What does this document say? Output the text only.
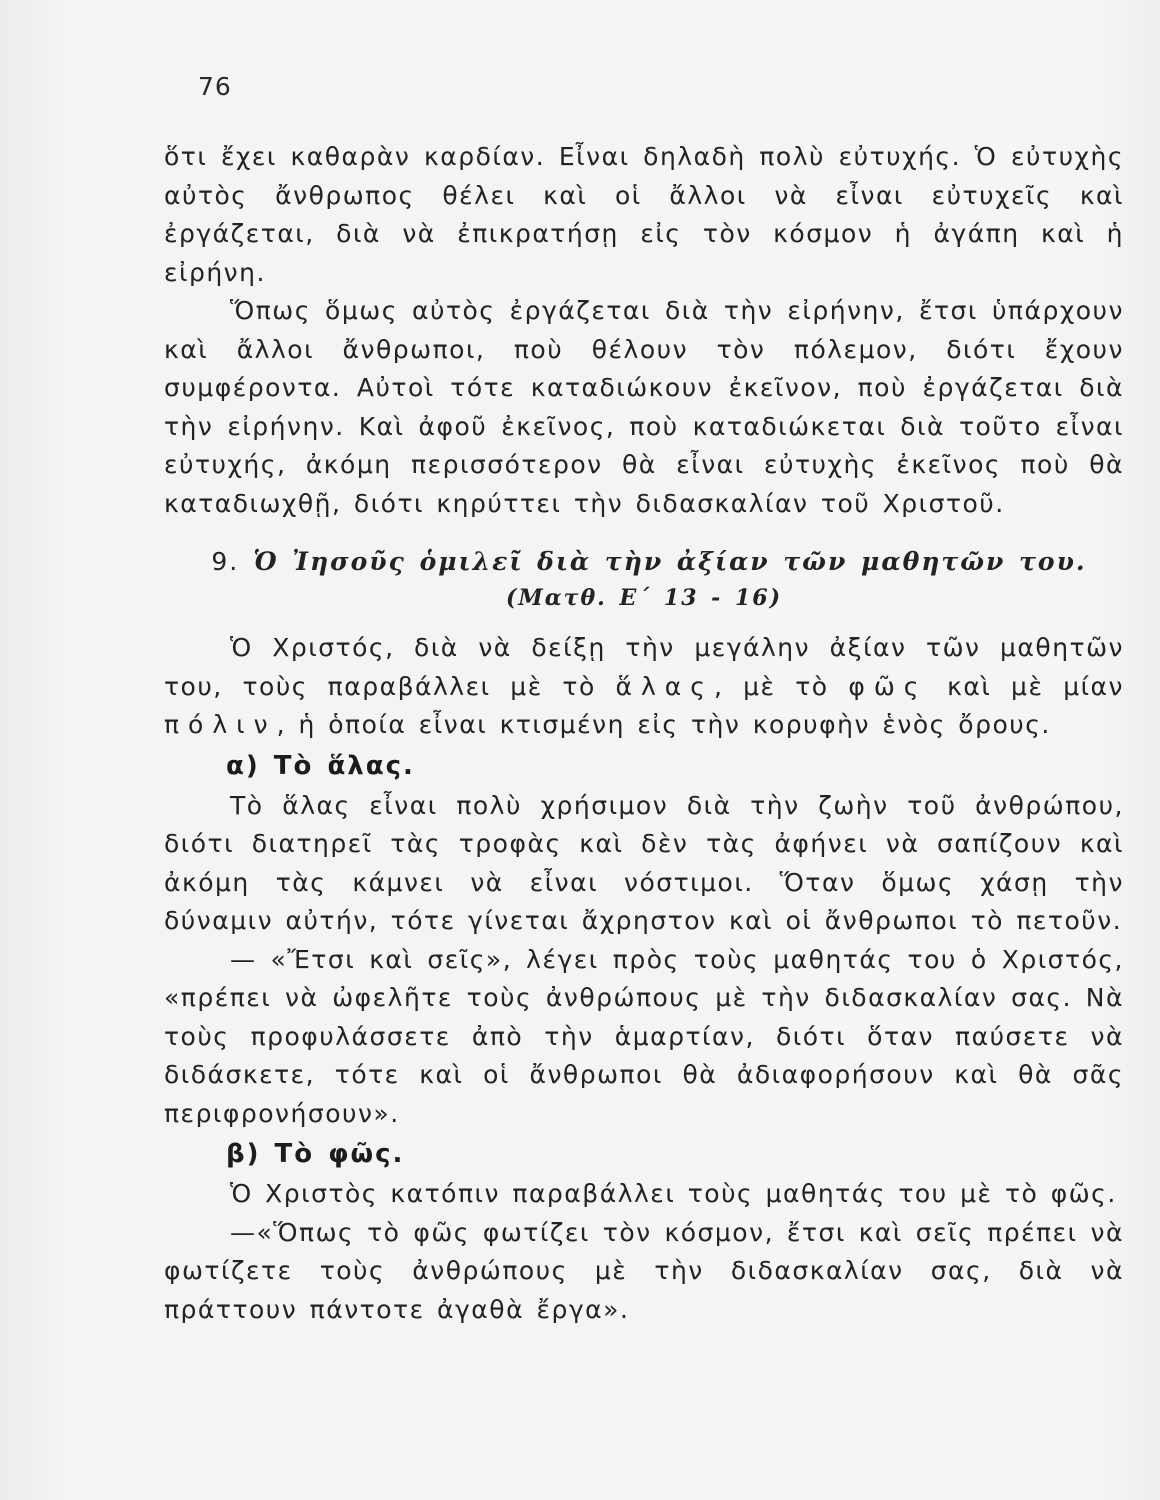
76

ὅτι ἔχει καθαρὰν καρδίαν. Εἶναι δηλαδὴ πολὺ εὐτυχής. Ὁ εὐτυχὴς αὐτὸς ἄνθρωπος θέλει καὶ οἱ ἄλλοι νὰ εἶναι εὐτυχεῖς καὶ ἐργάζεται, διὰ νὰ ἐπικρατήσῃ εἰς τὸν κόσμον ἡ ἀγάπη καὶ ἡ εἰρήνη.

Ὅπως ὅμως αὐτὸς ἐργάζεται διὰ τὴν εἰρήνην, ἔτσι ὑπάρχουν καὶ ἄλλοι ἄνθρωποι, ποὺ θέλουν τὸν πόλεμον, διότι ἔχουν συμφέροντα. Αὐτοὶ τότε καταδιώκουν ἐκεῖνον, ποὺ ἐργάζεται διὰ τὴν εἰρήνην. Καὶ ἀφοῦ ἐκεῖνος, ποὺ καταδιώκεται διὰ τοῦτο εἶναι εὐτυχής, ἀκόμη περισσότερον θὰ εἶναι εὐτυχὴς ἐκεῖνος ποὺ θὰ καταδιωχθῇ, διότι κηρύττει τὴν διδασκαλίαν τοῦ Χριστοῦ.

9. Ὁ Ἰησοῦς ὁμιλεῖ διὰ τὴν ἀξίαν τῶν μαθητῶν του.
(Ματθ. Ε΄ 13 - 16)

Ὁ Χριστός, διὰ νὰ δείξῃ τὴν μεγάλην ἀξίαν τῶν μαθητῶν του, τοὺς παραβάλλει μὲ τὸ ἅλας, μὲ τὸ φῶς καὶ μὲ μίαν πόλιν, ἡ ὁποία εἶναι κτισμένη εἰς τὴν κορυφὴν ἑνὸς ὄρους.

α) Τὸ ἅλας.

Τὸ ἅλας εἶναι πολὺ χρήσιμον διὰ τὴν ζωὴν τοῦ ἀνθρώπου, διότι διατηρεῖ τὰς τροφὰς καὶ δὲν τὰς ἀφήνει νὰ σαπίζουν καὶ ἀκόμη τὰς κάμνει νὰ εἶναι νόστιμοι. Ὅταν ὅμως χάσῃ τὴν δύναμιν αὐτήν, τότε γίνεται ἄχρηστον καὶ οἱ ἄνθρωποι τὸ πετοῦν.

— «Ἔτσι καὶ σεῖς», λέγει πρὸς τοὺς μαθητάς του ὁ Χριστός, «πρέπει νὰ ὠφελῆτε τοὺς ἀνθρώπους μὲ τὴν διδασκαλίαν σας. Νὰ τοὺς προφυλάσσετε ἀπὸ τὴν ἁμαρτίαν, διότι ὅταν παύσετε νὰ διδάσκετε, τότε καὶ οἱ ἄνθρωποι θὰ ἀδιαφορήσουν καὶ θὰ σᾶς περιφρονήσουν».

β) Τὸ φῶς.

Ὁ Χριστὸς κατόπιν παραβάλλει τοὺς μαθητάς του μὲ τὸ φῶς.

—«Ὅπως τὸ φῶς φωτίζει τὸν κόσμον, ἔτσι καὶ σεῖς πρέπει νὰ φωτίζετε τοὺς ἀνθρώπους μὲ τὴν διδασκαλίαν σας, διὰ νὰ πράττουν πάντοτε ἀγαθὰ ἔργα».
